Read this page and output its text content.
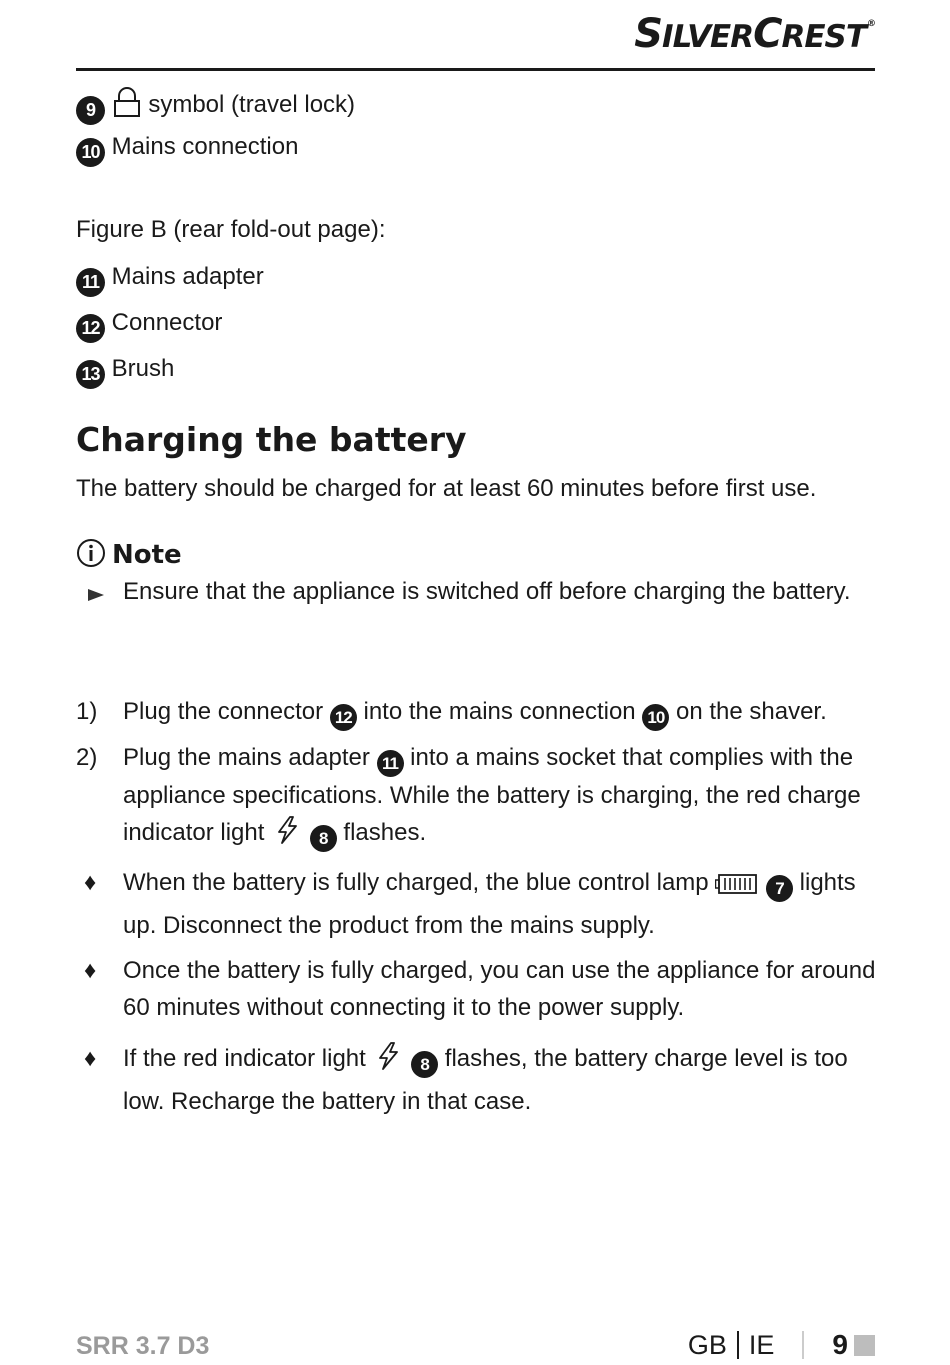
SILVERCREST®
9 symbol (travel lock)
10 Mains connection
Figure B (rear fold-out page):
11 Mains adapter
12 Connector
13 Brush
Charging the battery
The battery should be charged for at least 60 minutes before first use.
Note
Ensure that the appliance is switched off before charging the battery.
1) Plug the connector 12 into the mains connection 10 on the shaver.
2) Plug the mains adapter 11 into a mains socket that complies with the appliance specifications. While the battery is charging, the red charge indicator light	8 flashes.
♦ When the battery is fully charged, the blue control lamp	7 lights up. Disconnect the product from the mains supply.
♦ Once the battery is fully charged, you can use the appliance for around 60 minutes without connecting it to the power supply.
♦ If the red indicator light	8 flashes, the battery charge level is too low. Recharge the battery in that case.
SRR 3.7 D3	GB IE 9
